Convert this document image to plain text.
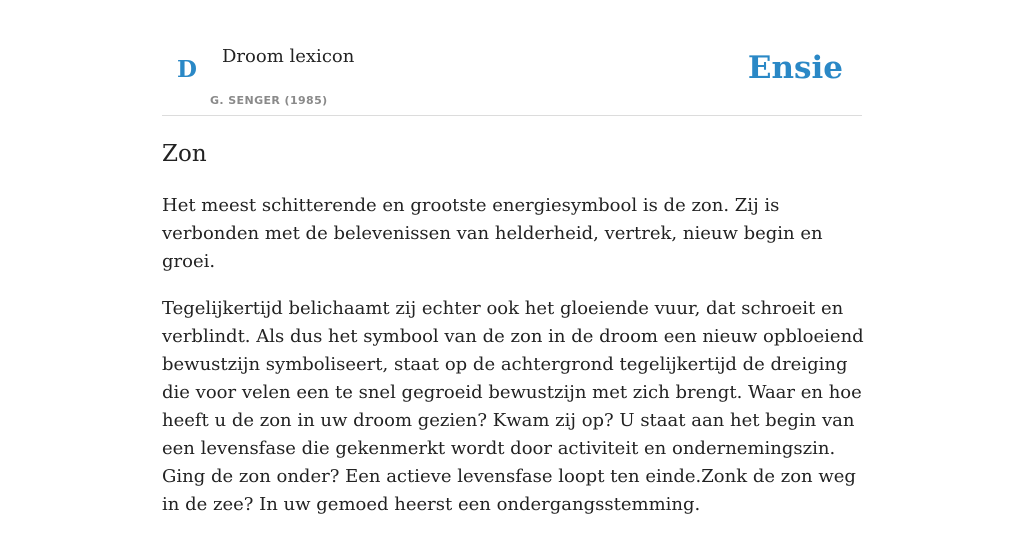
D Droom lexicon
G. SENGER (1985)
Ensie
Zon

Het meest schitterende en grootste energiesymbool is de zon. Zij is verbonden met de belevenissen van helderheid, vertrek, nieuw begin en groei.

Tegelijkertijd belichaamt zij echter ook het gloeiende vuur, dat schroeit en verblindt. Als dus het symbool van de zon in de droom een nieuw opbloeiend bewustzijn symboliseert, staat op de achtergrond tegelijkertijd de dreiging die voor velen een te snel gegroeid bewustzijn met zich brengt. Waar en hoe heeft u de zon in uw droom gezien? Kwam zij op? U staat aan het begin van een levensfase die gekenmerkt wordt door activiteit en ondernemingszin. Ging de zon onder? Een actieve levensfase loopt ten einde.Zonk de zon weg in de zee? In uw gemoed heerst een ondergangsstemming.
